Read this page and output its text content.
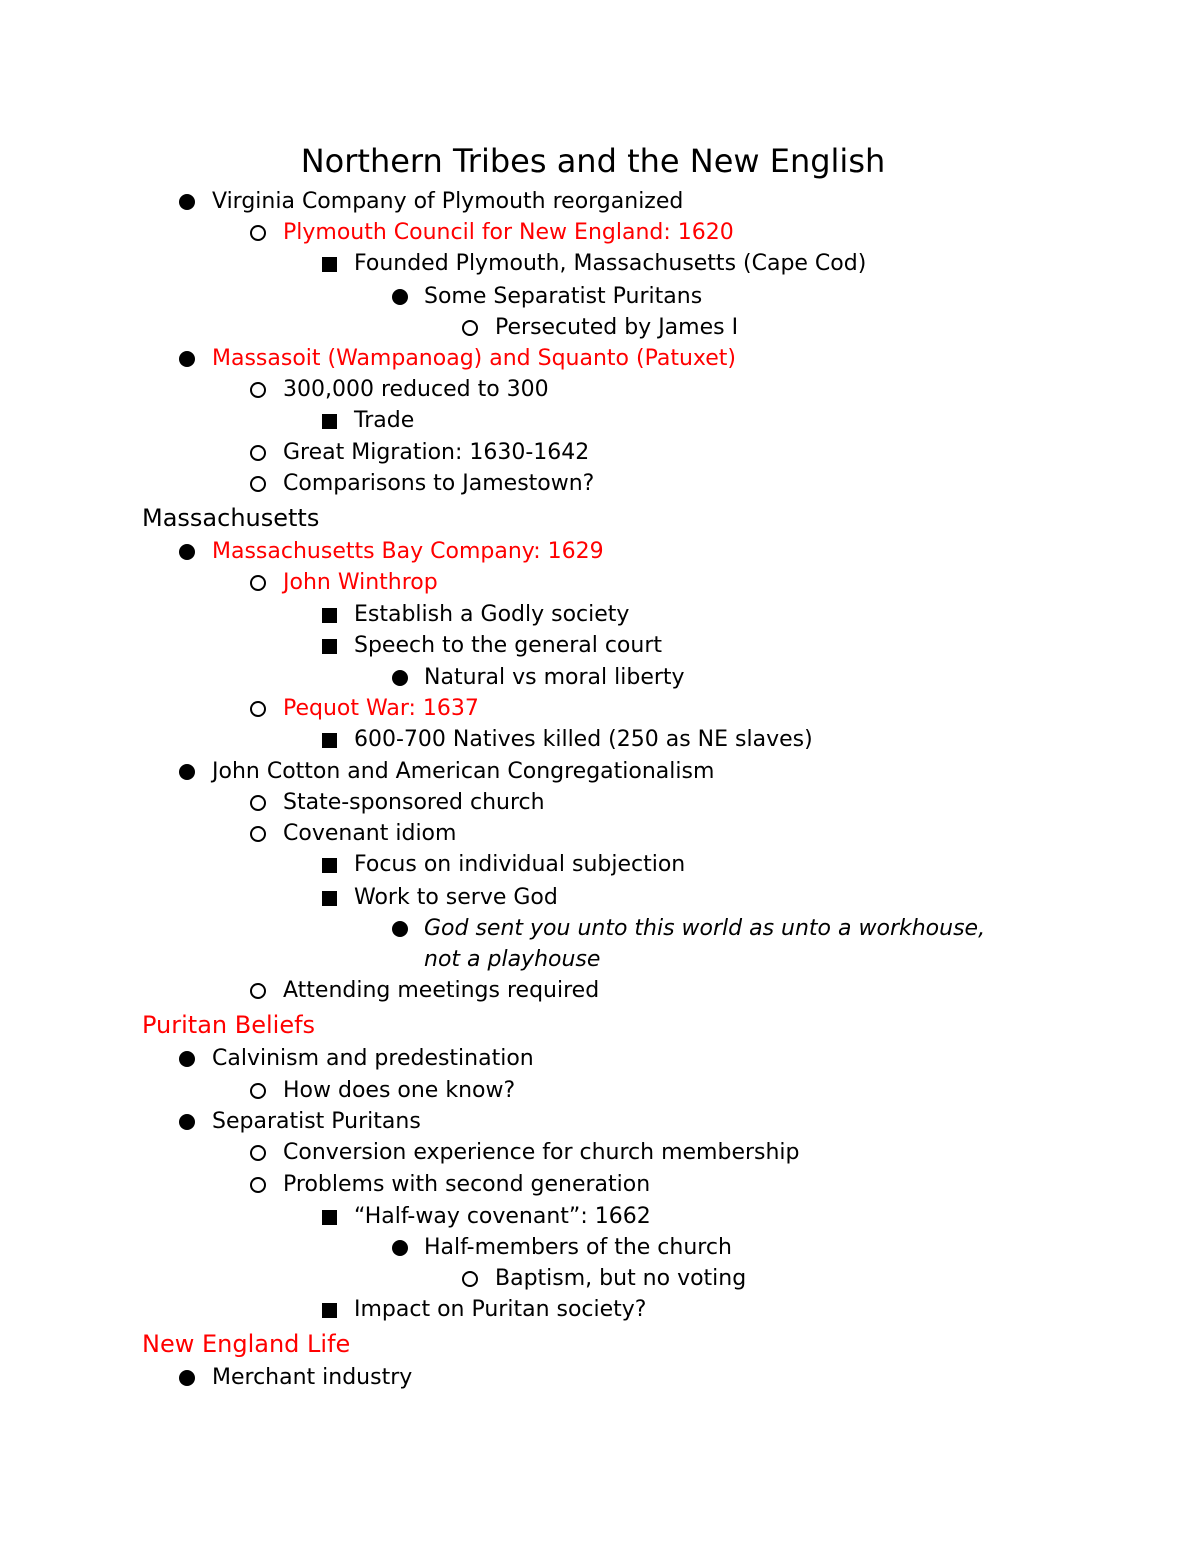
Northern Tribes and the New English
Virginia Company of Plymouth reorganized
Plymouth Council for New England: 1620
Founded Plymouth, Massachusetts (Cape Cod)
Some Separatist Puritans
Persecuted by James I
Massasoit (Wampanoag) and Squanto (Patuxet)
300,000 reduced to 300
Trade
Great Migration: 1630-1642
Comparisons to Jamestown?
Massachusetts
Massachusetts Bay Company: 1629
John Winthrop
Establish a Godly society
Speech to the general court
Natural vs moral liberty
Pequot War: 1637
600-700 Natives killed (250 as NE slaves)
John Cotton and American Congregationalism
State-sponsored church
Covenant idiom
Focus on individual subjection
Work to serve God
God sent you unto this world as unto a workhouse,
not a playhouse
Attending meetings required
Puritan Beliefs
Calvinism and predestination
How does one know?
Separatist Puritans
Conversion experience for church membership
Problems with second generation
“Half-way covenant”: 1662
Half-members of the church
Baptism, but no voting
Impact on Puritan society?
New England Life
Merchant industry
